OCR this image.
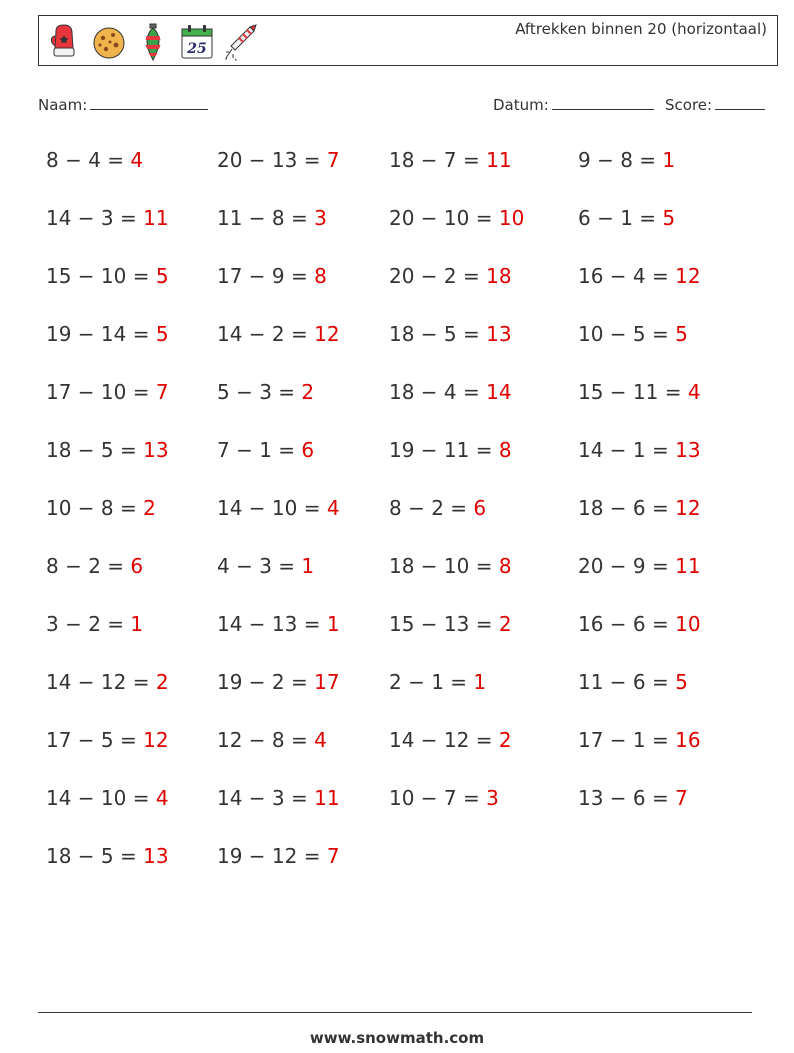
25
Aftrekken binnen 20 (horizontaal)
Naam:	Datum:	Score:
8 − 4 = 4
14 − 3 = 11
15 − 10 = 5
19 − 14 = 5
17 − 10 = 7
18 − 5 = 13
10 − 8 = 2
8 − 2 = 6
3 − 2 = 1
14 − 12 = 2
17 − 5 = 12
14 − 10 = 4
18 − 5 = 13
20 − 13 = 7
11 − 8 = 3
17 − 9 = 8
14 − 2 = 12
5 − 3 = 2
7 − 1 = 6
14 − 10 = 4
4 − 3 = 1
14 − 13 = 1
19 − 2 = 17
12 − 8 = 4
14 − 3 = 11
19 − 12 = 7
18 − 7 = 11
20 − 10 = 10
20 − 2 = 18
18 − 5 = 13
18 − 4 = 14
19 − 11 = 8
8 − 2 = 6
18 − 10 = 8
15 − 13 = 2
2 − 1 = 1
14 − 12 = 2
10 − 7 = 3
9 − 8 = 1
6 − 1 = 5
16 − 4 = 12
10 − 5 = 5
15 − 11 = 4
14 − 1 = 13
18 − 6 = 12
20 − 9 = 11
16 − 6 = 10
11 − 6 = 5
17 − 1 = 16
13 − 6 = 7
www.snowmath.com
